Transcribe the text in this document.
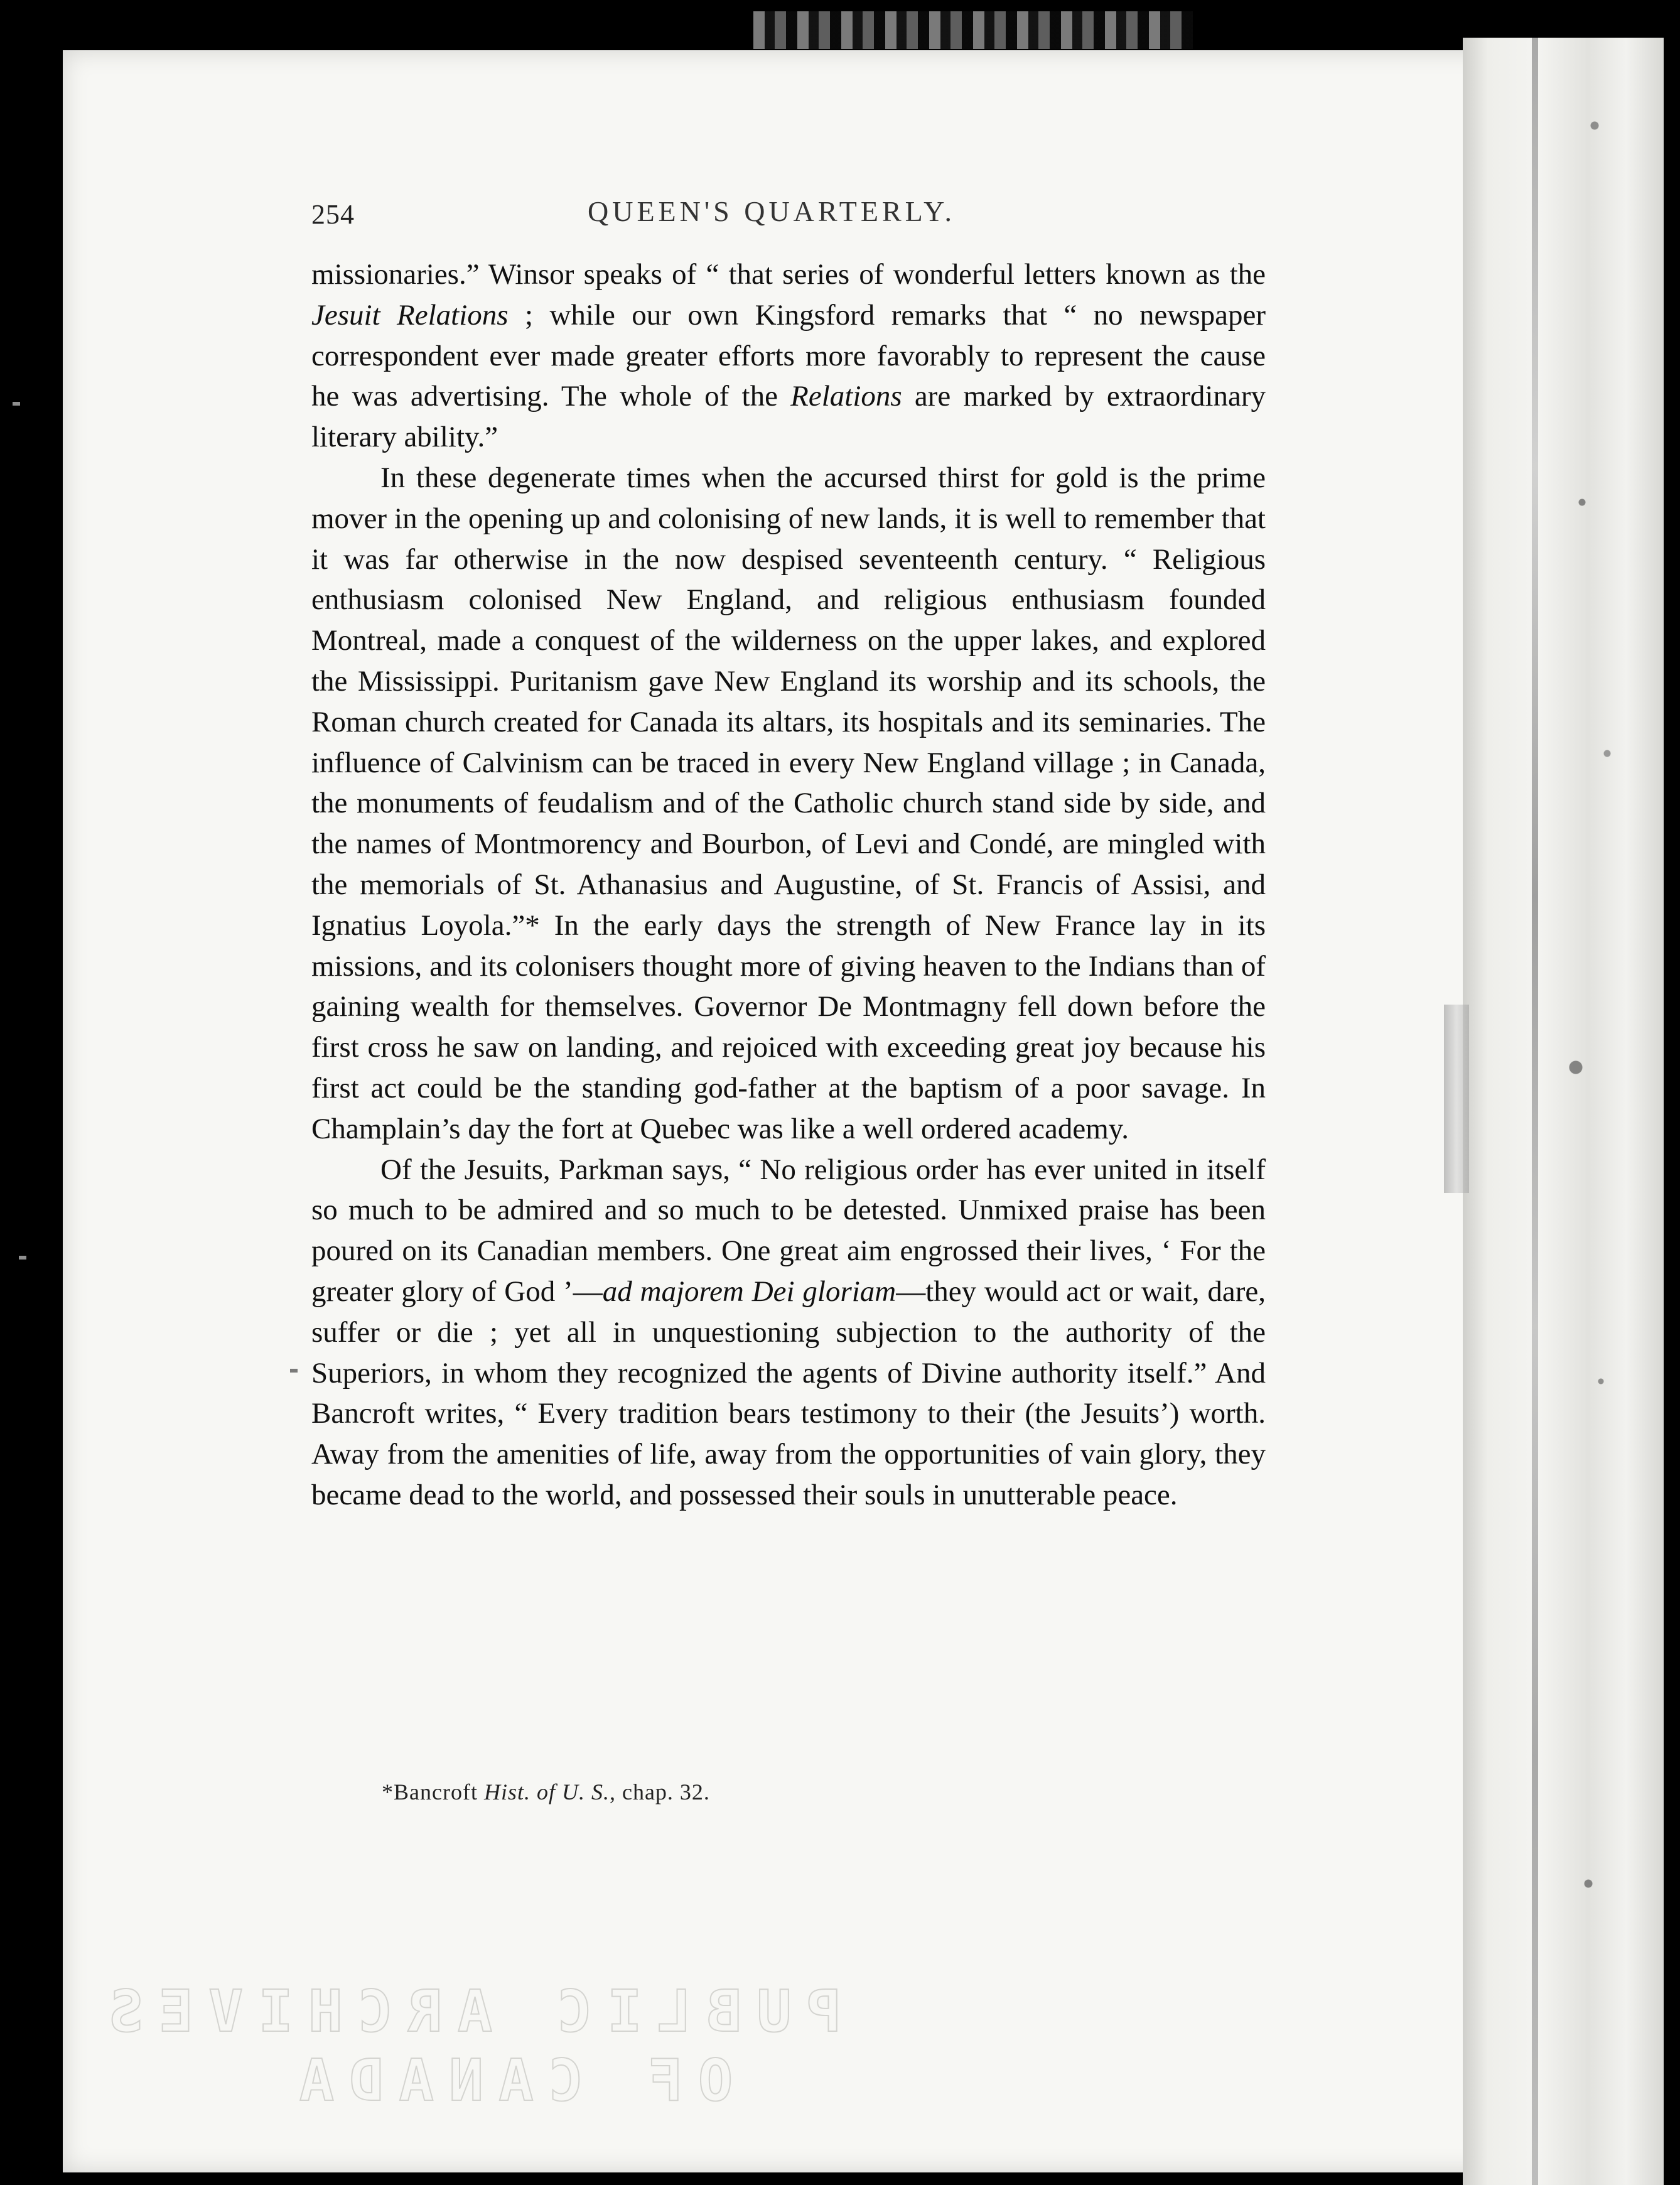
254	QUEEN'S QUARTERLY.

missionaries.” Winsor speaks of “ that series of wonderful letters known as the Jesuit Relations ; while our own Kingsford remarks that “ no newspaper correspondent ever made greater efforts more favorably to represent the cause he was advertising. The whole of the Relations are marked by extraordinary literary ability.”

In these degenerate times when the accursed thirst for gold is the prime mover in the opening up and colonising of new lands, it is well to remember that it was far otherwise in the now despised seventeenth century. “ Religious enthusiasm colonised New England, and religious enthusiasm founded Montreal, made a conquest of the wilderness on the upper lakes, and explored the Mississippi. Puritanism gave New England its worship and its schools, the Roman church created for Canada its altars, its hospitals and its seminaries. The influence of Calvinism can be traced in every New England village ; in Canada, the monuments of feudalism and of the Catholic church stand side by side, and the names of Montmorency and Bourbon, of Levi and Condé, are mingled with the memorials of St. Athanasius and Augustine, of St. Francis of Assisi, and Ignatius Loyola.”* In the early days the strength of New France lay in its missions, and its colonisers thought more of giving heaven to the Indians than of gaining wealth for themselves. Governor De Montmagny fell down before the first cross he saw on landing, and rejoiced with exceeding great joy because his first act could be the standing god-father at the baptism of a poor savage. In Champlain’s day the fort at Quebec was like a well ordered academy.

Of the Jesuits, Parkman says, “ No religious order has ever united in itself so much to be admired and so much to be detested. Unmixed praise has been poured on its Canadian members. One great aim engrossed their lives, ‘ For the greater glory of God ’—ad majorem Dei gloriam—they would act or wait, dare, suffer or die ; yet all in unquestioning subjection to the authority of the Superiors, in whom they recognized the agents of Divine authority itself.” And Bancroft writes, “ Every tradition bears testimony to their (the Jesuits’) worth. Away from the amenities of life, away from the opportunities of vain glory, they became dead to the world, and possessed their souls in unutterable peace.

*Bancroft Hist. of U. S., chap. 32.
PUBLIC ARCHIVES
OF CANADA
